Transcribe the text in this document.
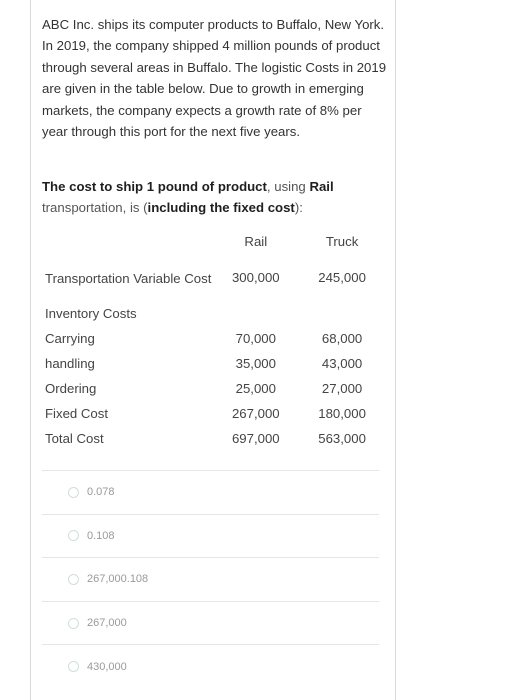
ABC Inc. ships its computer products to Buffalo, New York. In 2019, the company shipped 4 million pounds of product through several areas in Buffalo. The logistic Costs in 2019 are given in the table below. Due to growth in emerging markets, the company expects a growth rate of 8% per year through this port for the next five years.
The cost to ship 1 pound of product, using Rail transportation, is (including the fixed cost):
	Rail	Truck
Transportation Variable Cost	300,000	245,000
Inventory Costs		
Carrying	70,000	68,000
handling	35,000	43,000
Ordering	25,000	27,000
Fixed Cost	267,000	180,000
Total Cost	697,000	563,000
0.078
0.108
267,000.108
267,000
430,000
